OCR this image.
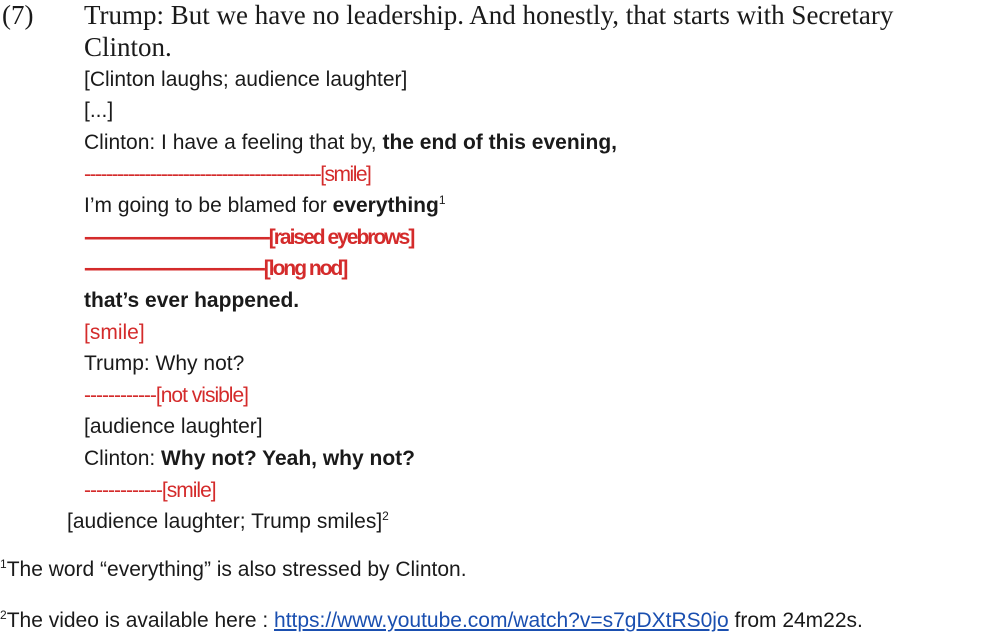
(7) Trump: But we have no leadership. And honestly, that starts with Secretary
Clinton.
[Clinton laughs; audience laughter]
[...]
Clinton: I have a feeling that by, the end of this evening,
-------------------------------------------[smile]
I’m going to be blamed for everything$^1$
-------------------------------------[raised eyebrows]
------------------------------------[long nod]
that’s ever happened.
[smile]
Trump: Why not?
------------[not visible]
[audience laughter]
Clinton: Why not? Yeah, why not?
-------------[smile]
[audience laughter; Trump smiles]$^2$
$^1$The word “everything” is also stressed by Clinton.
$^2$The video is available here : https://www.youtube.com/watch?v=s7gDXtRS0jo from 24m22s.
